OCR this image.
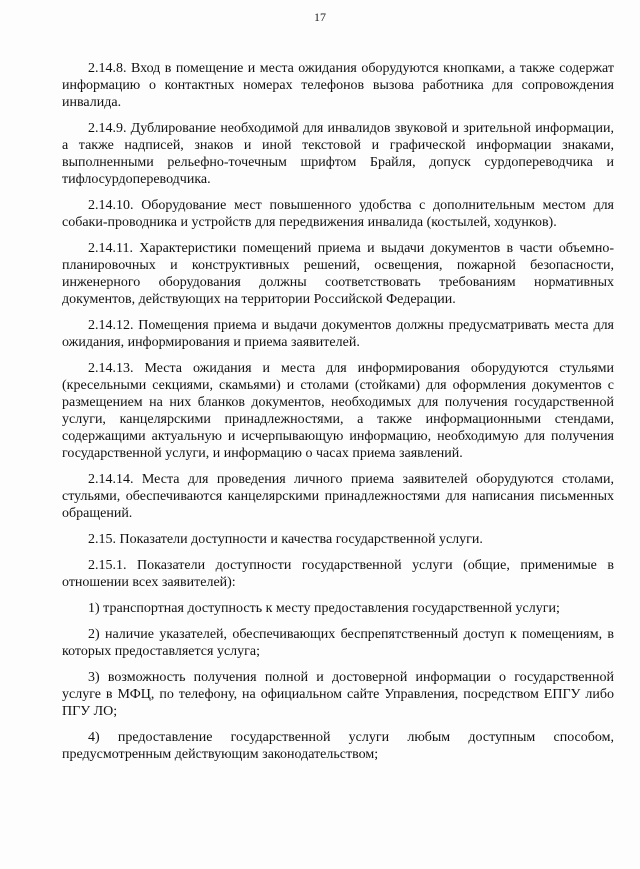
17

2.14.8. Вход в помещение и места ожидания оборудуются кнопками, а также содержат информацию о контактных номерах телефонов вызова работника для сопровождения инвалида.

2.14.9. Дублирование необходимой для инвалидов звуковой и зрительной информации, а также надписей, знаков и иной текстовой и графической информации знаками, выполненными рельефно-точечным шрифтом Брайля, допуск сурдопереводчика и тифлосурдопереводчика.

2.14.10. Оборудование мест повышенного удобства с дополнительным местом для собаки-проводника и устройств для передвижения инвалида (костылей, ходунков).

2.14.11. Характеристики помещений приема и выдачи документов в части объемно-планировочных и конструктивных решений, освещения, пожарной безопасности, инженерного оборудования должны соответствовать требованиям нормативных документов, действующих на территории Российской Федерации.

2.14.12. Помещения приема и выдачи документов должны предусматривать места для ожидания, информирования и приема заявителей.

2.14.13. Места ожидания и места для информирования оборудуются стульями (кресельными секциями, скамьями) и столами (стойками) для оформления документов с размещением на них бланков документов, необходимых для получения государственной услуги, канцелярскими принадлежностями, а также информационными стендами, содержащими актуальную и исчерпывающую информацию, необходимую для получения государственной услуги, и информацию о часах приема заявлений.

2.14.14. Места для проведения личного приема заявителей оборудуются столами, стульями, обеспечиваются канцелярскими принадлежностями для написания письменных обращений.

2.15. Показатели доступности и качества государственной услуги.

2.15.1. Показатели доступности государственной услуги (общие, применимые в отношении всех заявителей):

1) транспортная доступность к месту предоставления государственной услуги;

2) наличие указателей, обеспечивающих беспрепятственный доступ к помещениям, в которых предоставляется услуга;

3) возможность получения полной и достоверной информации о государственной услуге в МФЦ, по телефону, на официальном сайте Управления, посредством ЕПГУ либо ПГУ ЛО;

4) предоставление государственной услуги любым доступным способом, предусмотренным действующим законодательством;
